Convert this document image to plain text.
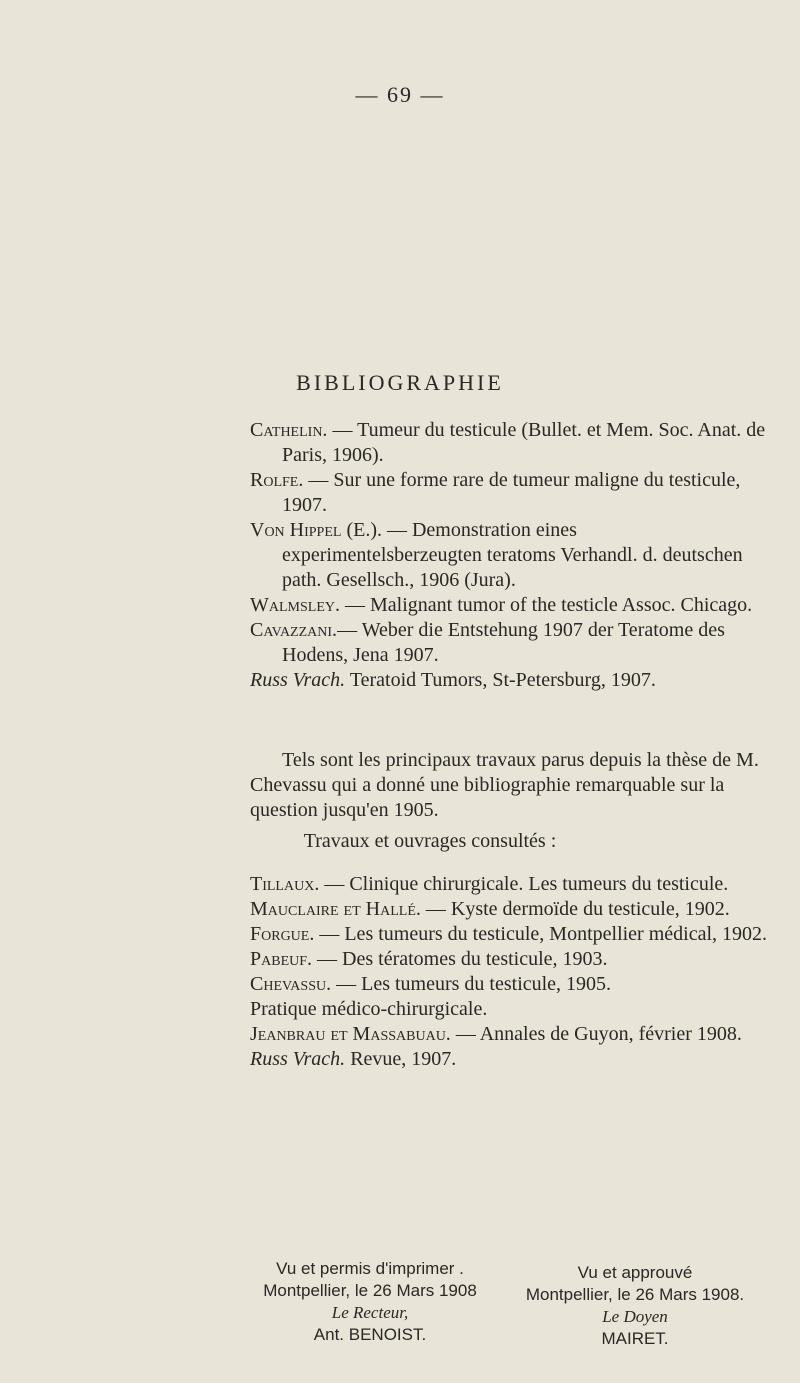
— 69 —
BIBLIOGRAPHIE

Cathelin. — Tumeur du testicule (Bullet. et Mem. Soc. Anat. de Paris, 1906).

Rolfe. — Sur une forme rare de tumeur maligne du testicule, 1907.

Von Hippel (E.). — Demonstration eines experimentelsberzeugten teratoms Verhandl. d. deutschen path. Gesellsch., 1906 (Jura).

Walmsley. — Malignant tumor of the testicle Assoc. Chicago.

Cavazzani.— Weber die Entstehung 1907 der Teratome des Hodens, Jena 1907.

Russ Vrach. Teratoid Tumors, St-Petersburg, 1907.

Tels sont les principaux travaux parus depuis la thèse de M. Chevassu qui a donné une bibliographie remarquable sur la question jusqu'en 1905.

Travaux et ouvrages consultés :

Tillaux. — Clinique chirurgicale. Les tumeurs du testicule.

Mauclaire et Hallé. — Kyste dermoïde du testicule, 1902.

Forgue. — Les tumeurs du testicule, Montpellier médical, 1902.

Pabeuf. — Des tératomes du testicule, 1903.

Chevassu. — Les tumeurs du testicule, 1905.

Pratique médico-chirurgicale.

Jeanbrau et Massabuau. — Annales de Guyon, février 1908.

Russ Vrach. Revue, 1907.

Vu et permis d'imprimer .
Montpellier, le 26 Mars 1908
Le Recteur,
Ant. BENOIST.
Vu et approuvé
Montpellier, le 26 Mars 1908.
Le Doyen
MAIRET.
